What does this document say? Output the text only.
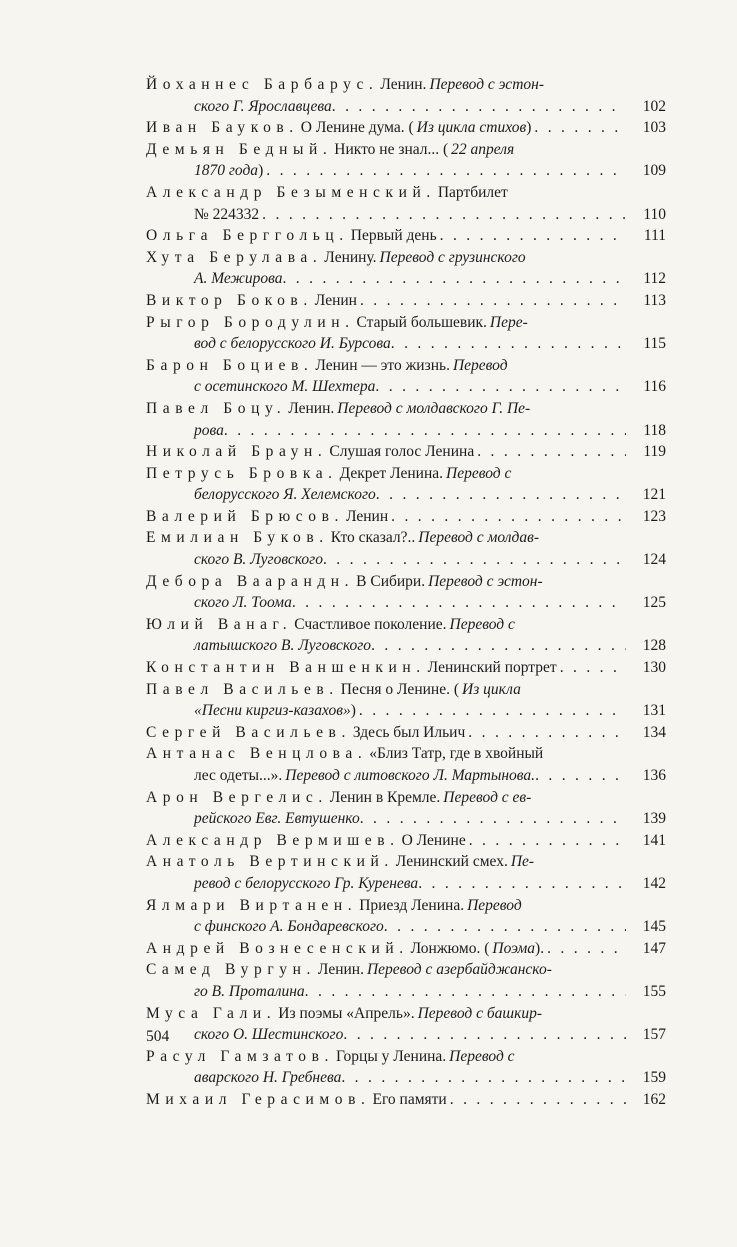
Йоханнес Барбарус. Ленин. Перевод с эстон-
ского Г. Ярославцева . . .	102
Иван Бауков. О Ленине дума. ( Из цикла стихов ) . . .	103
Демьян Бедный. Никто не знал... ( 22 апреля
1870 года ) . . .	109
Александр Безыменский. Партбилет
№ 224332 . . .	110
Ольга Берггольц. Первый день . . .	111
Хута Берулава. Ленину. Перевод с грузинского
А. Межирова . . .	112
Виктор Боков. Ленин . . .	113
Рыгор Бородулин. Старый большевик. Пере-
вод с белорусского И. Бурсова . . .	115
Барон Боциев. Ленин — это жизнь. Перевод
с осетинского М. Шехтера . . .	116
Павел Боцу. Ленин. Перевод с молдавского Г. Пе-
рова . . .	118
Николай Браун. Слушая голос Ленина . . .	119
Петрусь Бровка. Декрет Ленина. Перевод с
белорусского Я. Хелемского . . .	121
Валерий Брюсов. Ленин . . .	123
Емилиан Буков. Кто сказал?.. Перевод с молдав-
ского В. Луговского . . .	124
Дебора Ваарандн. В Сибири. Перевод с эстон-
ского Л. Тоома . . .	125
Юлий Ванаг. Счастливое поколение. Перевод с
латышского В. Луговского . . .	128
Константин Ваншенкин. Ленинский портрет . . .	130
Павел Васильев. Песня о Ленине. ( Из цикла
«Песни киргиз-казахов» ) . . .	131
Сергей Васильев. Здесь был Ильич . . .	134
Антанас Венцлова. «Близ Татр, где в хвойный
лес одеты...». Перевод с литовского Л. Мартынова. . . .	136
Арон Вергелис. Ленин в Кремле. Перевод с ев-
рейского Евг. Евтушенко . . .	139
Александр Вермишев. О Ленине . . .	141
Анатоль Вертинский. Ленинский смех. Пе-
ревод с белорусского Гр. Куренева . . .	142
Ялмари Виртанен. Приезд Ленина. Перевод
с финского А. Бондаревского . . .	145
Андрей Вознесенский. Лонжюмо. ( Поэма ). . . .	147
Самед Вургун. Ленин. Перевод с азербайджанско-
го В. Проталина . . .	155
Муса Гали. Из поэмы «Апрель». Перевод с башкир-
ского О. Шестинского . . .	157
Расул Гамзатов. Горцы у Ленина. Перевод с
аварского Н. Гребнева . . .	159
Михаил Герасимов. Его памяти . . .	162
504
